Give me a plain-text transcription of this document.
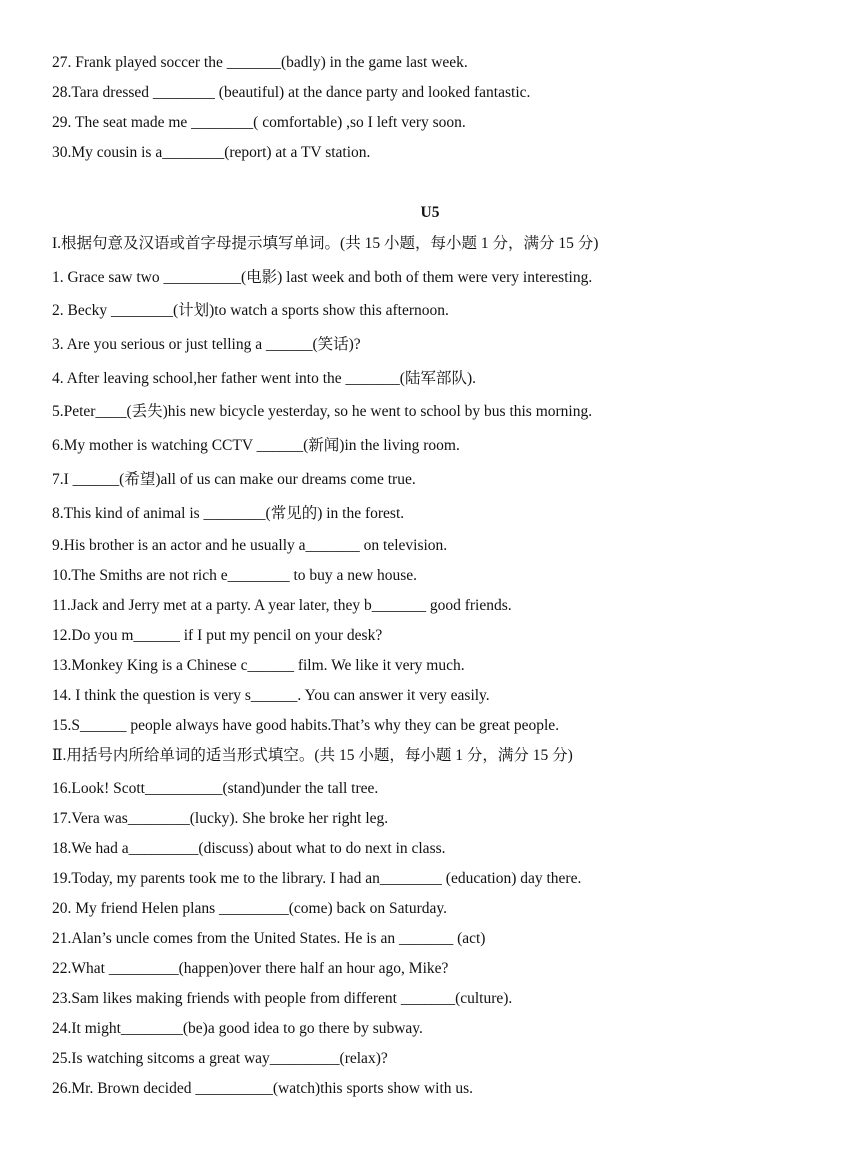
27. Frank played soccer the _______(badly) in the game last week.
28.Tara dressed ________ (beautiful) at the dance party and looked fantastic.
29. The seat made me ________( comfortable) ,so I left very soon.
30.My cousin is a________(report) at a TV station.
U5
I.根据句意及汉语或首字母提示填写单词。(共 15 小题，每小题 1 分，满分 15 分)
1. Grace saw two __________(电影) last week and both of them were very interesting.
2. Becky ________(计划)to watch a sports show this afternoon.
3. Are you serious or just telling a ______(笑话)?
4. After leaving school,her father went into the _______(陆军部队).
5.Peter____(丢失)his new bicycle yesterday, so he went to school by bus this morning.
6.My mother is watching CCTV ______(新闻)in the living room.
7.I ______(希望)all of us can make our dreams come true.
8.This kind of animal is ________(常见的) in the forest.
9.His brother is an actor and he usually a_______ on television.
10.The Smiths are not rich e________ to buy a new house.
11.Jack and Jerry met at a party. A year later, they b_______ good friends.
12.Do you m______ if I put my pencil on your desk?
13.Monkey King is a Chinese c______ film. We like it very much.
14. I think the question is very s______. You can answer it very easily.
15.S______ people always have good habits.That’s why they can be great people.
Ⅱ.用括号内所给单词的适当形式填空。(共 15 小题，每小题 1 分，满分 15 分)
16.Look! Scott__________(stand)under the tall tree.
17.Vera was________(lucky). She broke her right leg.
18.We had a_________(discuss) about what to do next in class.
19.Today, my parents took me to the library. I had an________ (education) day there.
20. My friend Helen plans _________(come) back on Saturday.
21.Alan’s uncle comes from the United States. He is an _______ (act)
22.What _________(happen)over there half an hour ago, Mike?
23.Sam likes making friends with people from different _______(culture).
24.It might________(be)a good idea to go there by subway.
25.Is watching sitcoms a great way_________(relax)?
26.Mr. Brown decided __________(watch)this sports show with us.
